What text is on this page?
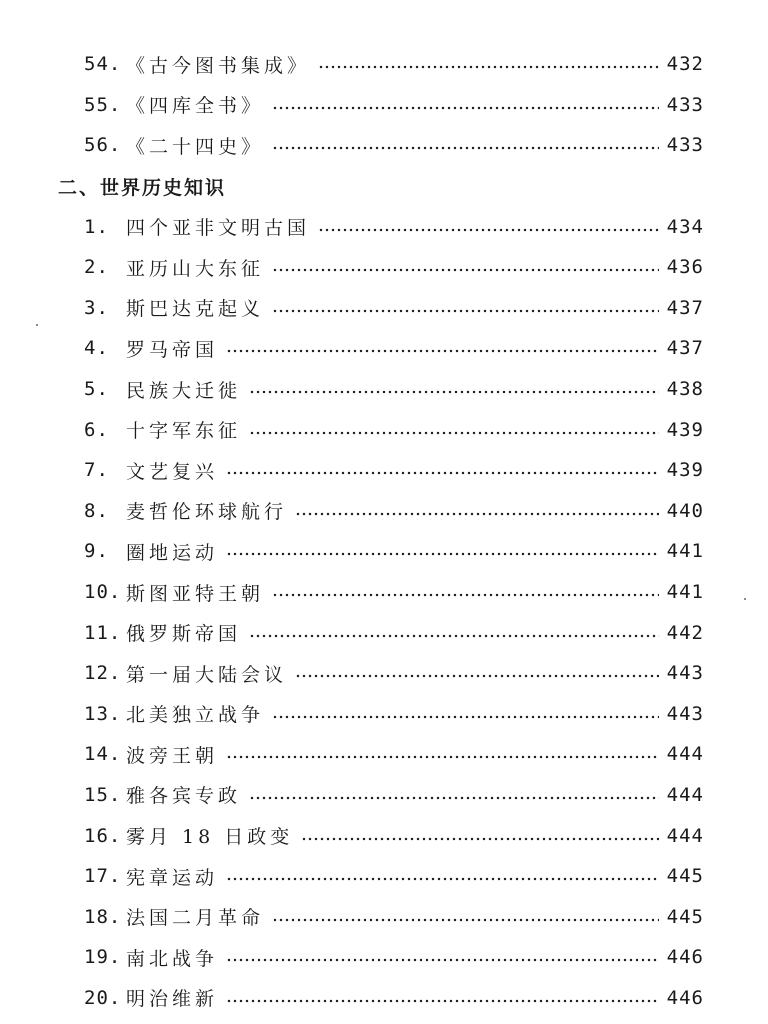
54. 《古今图书集成》	432
55. 《四库全书》	433
56. 《二十四史》	433
二、世界历史知识
1. 四个亚非文明古国	434
2. 亚历山大东征	436
3. 斯巴达克起义	437
4. 罗马帝国	437
5. 民族大迁徙	438
6. 十字军东征	439
7. 文艺复兴	439
8. 麦哲伦环球航行	440
9. 圈地运动	441
10. 斯图亚特王朝	441
11. 俄罗斯帝国	442
12. 第一届大陆会议	443
13. 北美独立战争	443
14. 波旁王朝	444
15. 雅各宾专政	444
16. 雾月 18 日政变	444
17. 宪章运动	445
18. 法国二月革命	445
19. 南北战争	446
20. 明治维新	446
